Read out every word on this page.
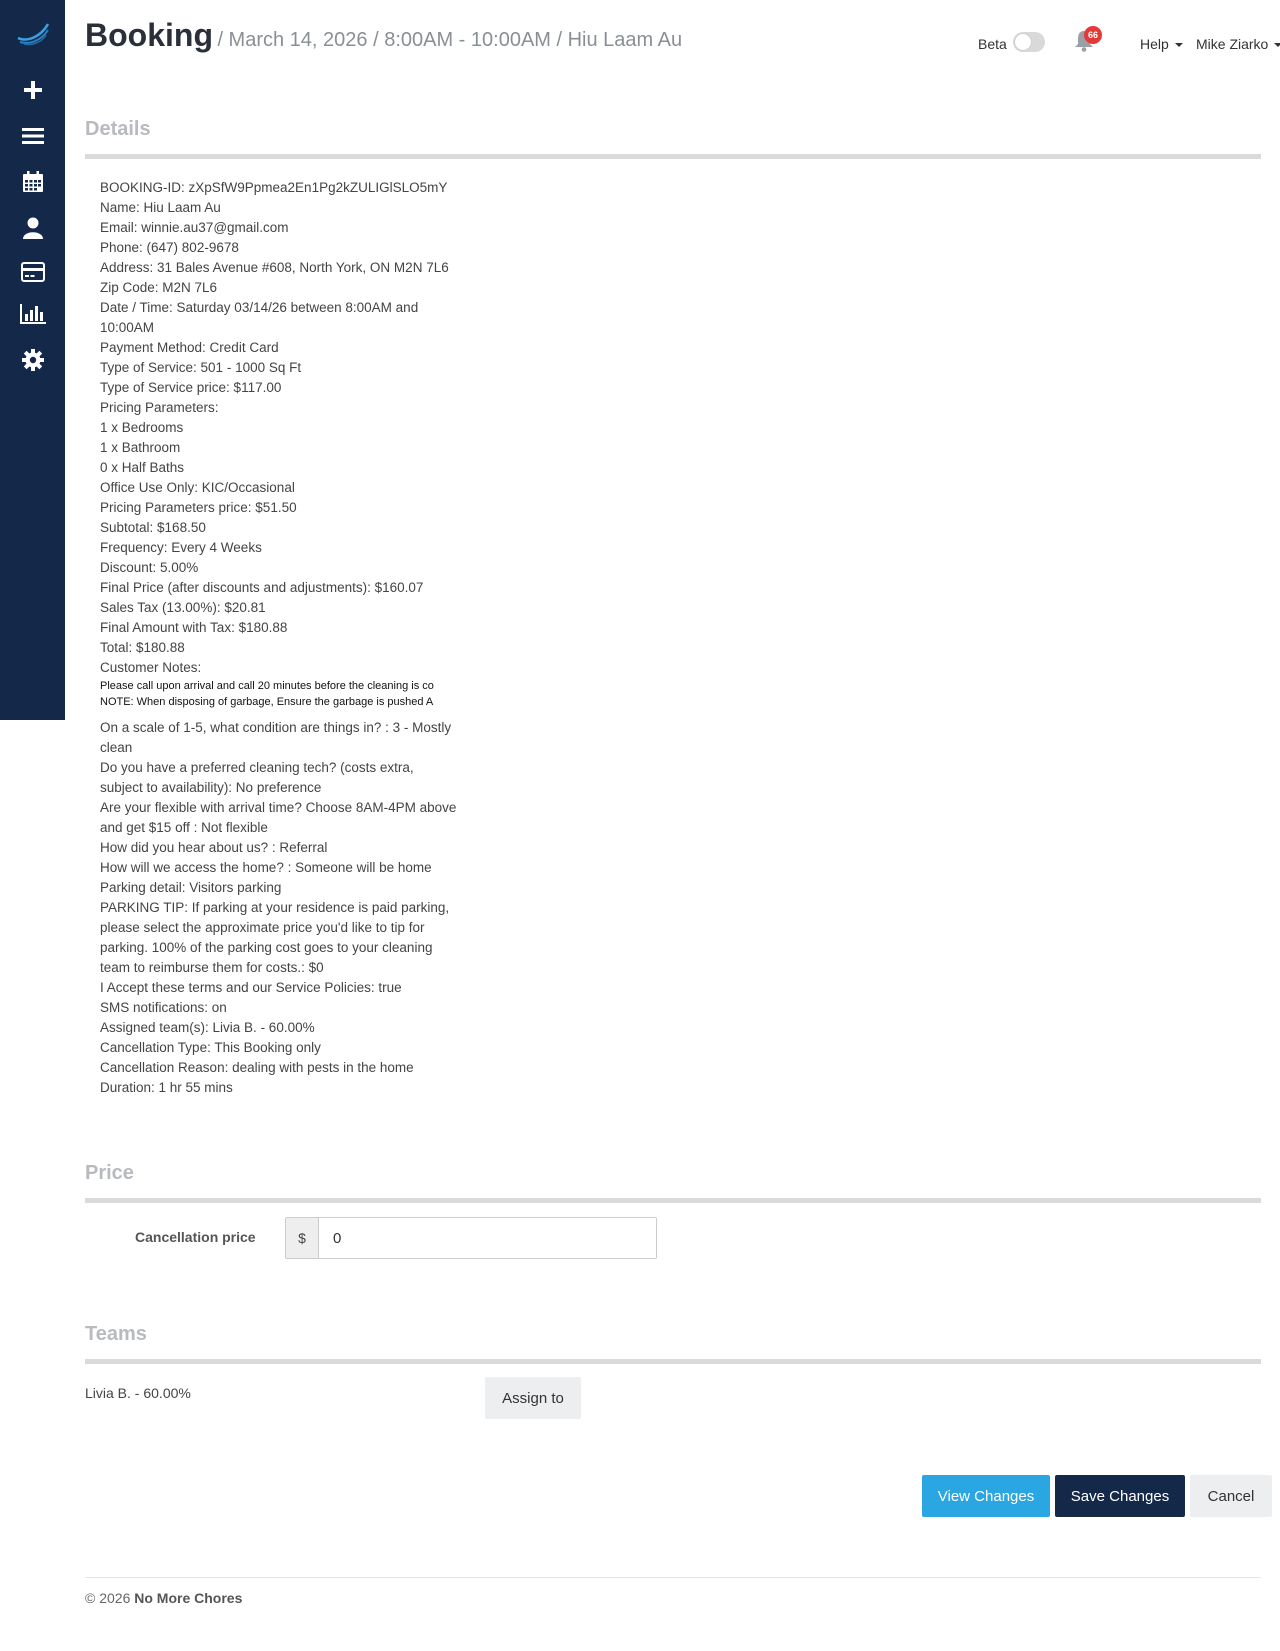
Booking / March 14, 2026 / 8:00AM - 10:00AM / Hiu Laam Au	Beta
66
Help	Mike Ziarko
Details
BOOKING-ID: zXpSfW9Ppmea2En1Pg2kZULIGlSLO5mY
Name: Hiu Laam Au
Email: winnie.au37@gmail.com
Phone: (647) 802-9678
Address: 31 Bales Avenue #608, North York, ON M2N 7L6
Zip Code: M2N 7L6
Date / Time: Saturday 03/14/26 between 8:00AM and 10:00AM
Payment Method: Credit Card
Type of Service: 501 - 1000 Sq Ft
Type of Service price: $117.00
Pricing Parameters:
1 x Bedrooms
1 x Bathroom
0 x Half Baths
Office Use Only: KIC/Occasional
Pricing Parameters price: $51.50
Subtotal: $168.50
Frequency: Every 4 Weeks
Discount: 5.00%
Final Price (after discounts and adjustments): $160.07
Sales Tax (13.00%): $20.81
Final Amount with Tax: $180.88
Total: $180.88
Customer Notes:
Please call upon arrival and call 20 minutes before the cleaning is co
NOTE: When disposing of garbage, Ensure the garbage is pushed A
On a scale of 1-5, what condition are things in? : 3 - Mostly clean
Do you have a preferred cleaning tech? (costs extra, subject to availability): No preference
Are your flexible with arrival time? Choose 8AM-4PM above and get $15 off : Not flexible
How did you hear about us? : Referral
How will we access the home? : Someone will be home
Parking detail: Visitors parking
PARKING TIP: If parking at your residence is paid parking, please select the approximate price you'd like to tip for parking. 100% of the parking cost goes to your cleaning team to reimburse them for costs.: $0
I Accept these terms and our Service Policies: true
SMS notifications: on
Assigned team(s): Livia B. - 60.00%
Cancellation Type: This Booking only
Cancellation Reason: dealing with pests in the home
Duration: 1 hr 55 mins
Price
Cancellation price	$
0
Teams
Livia B. - 60.00%	Assign to
View Changes	Save Changes	Cancel
© 2026 No More Chores
